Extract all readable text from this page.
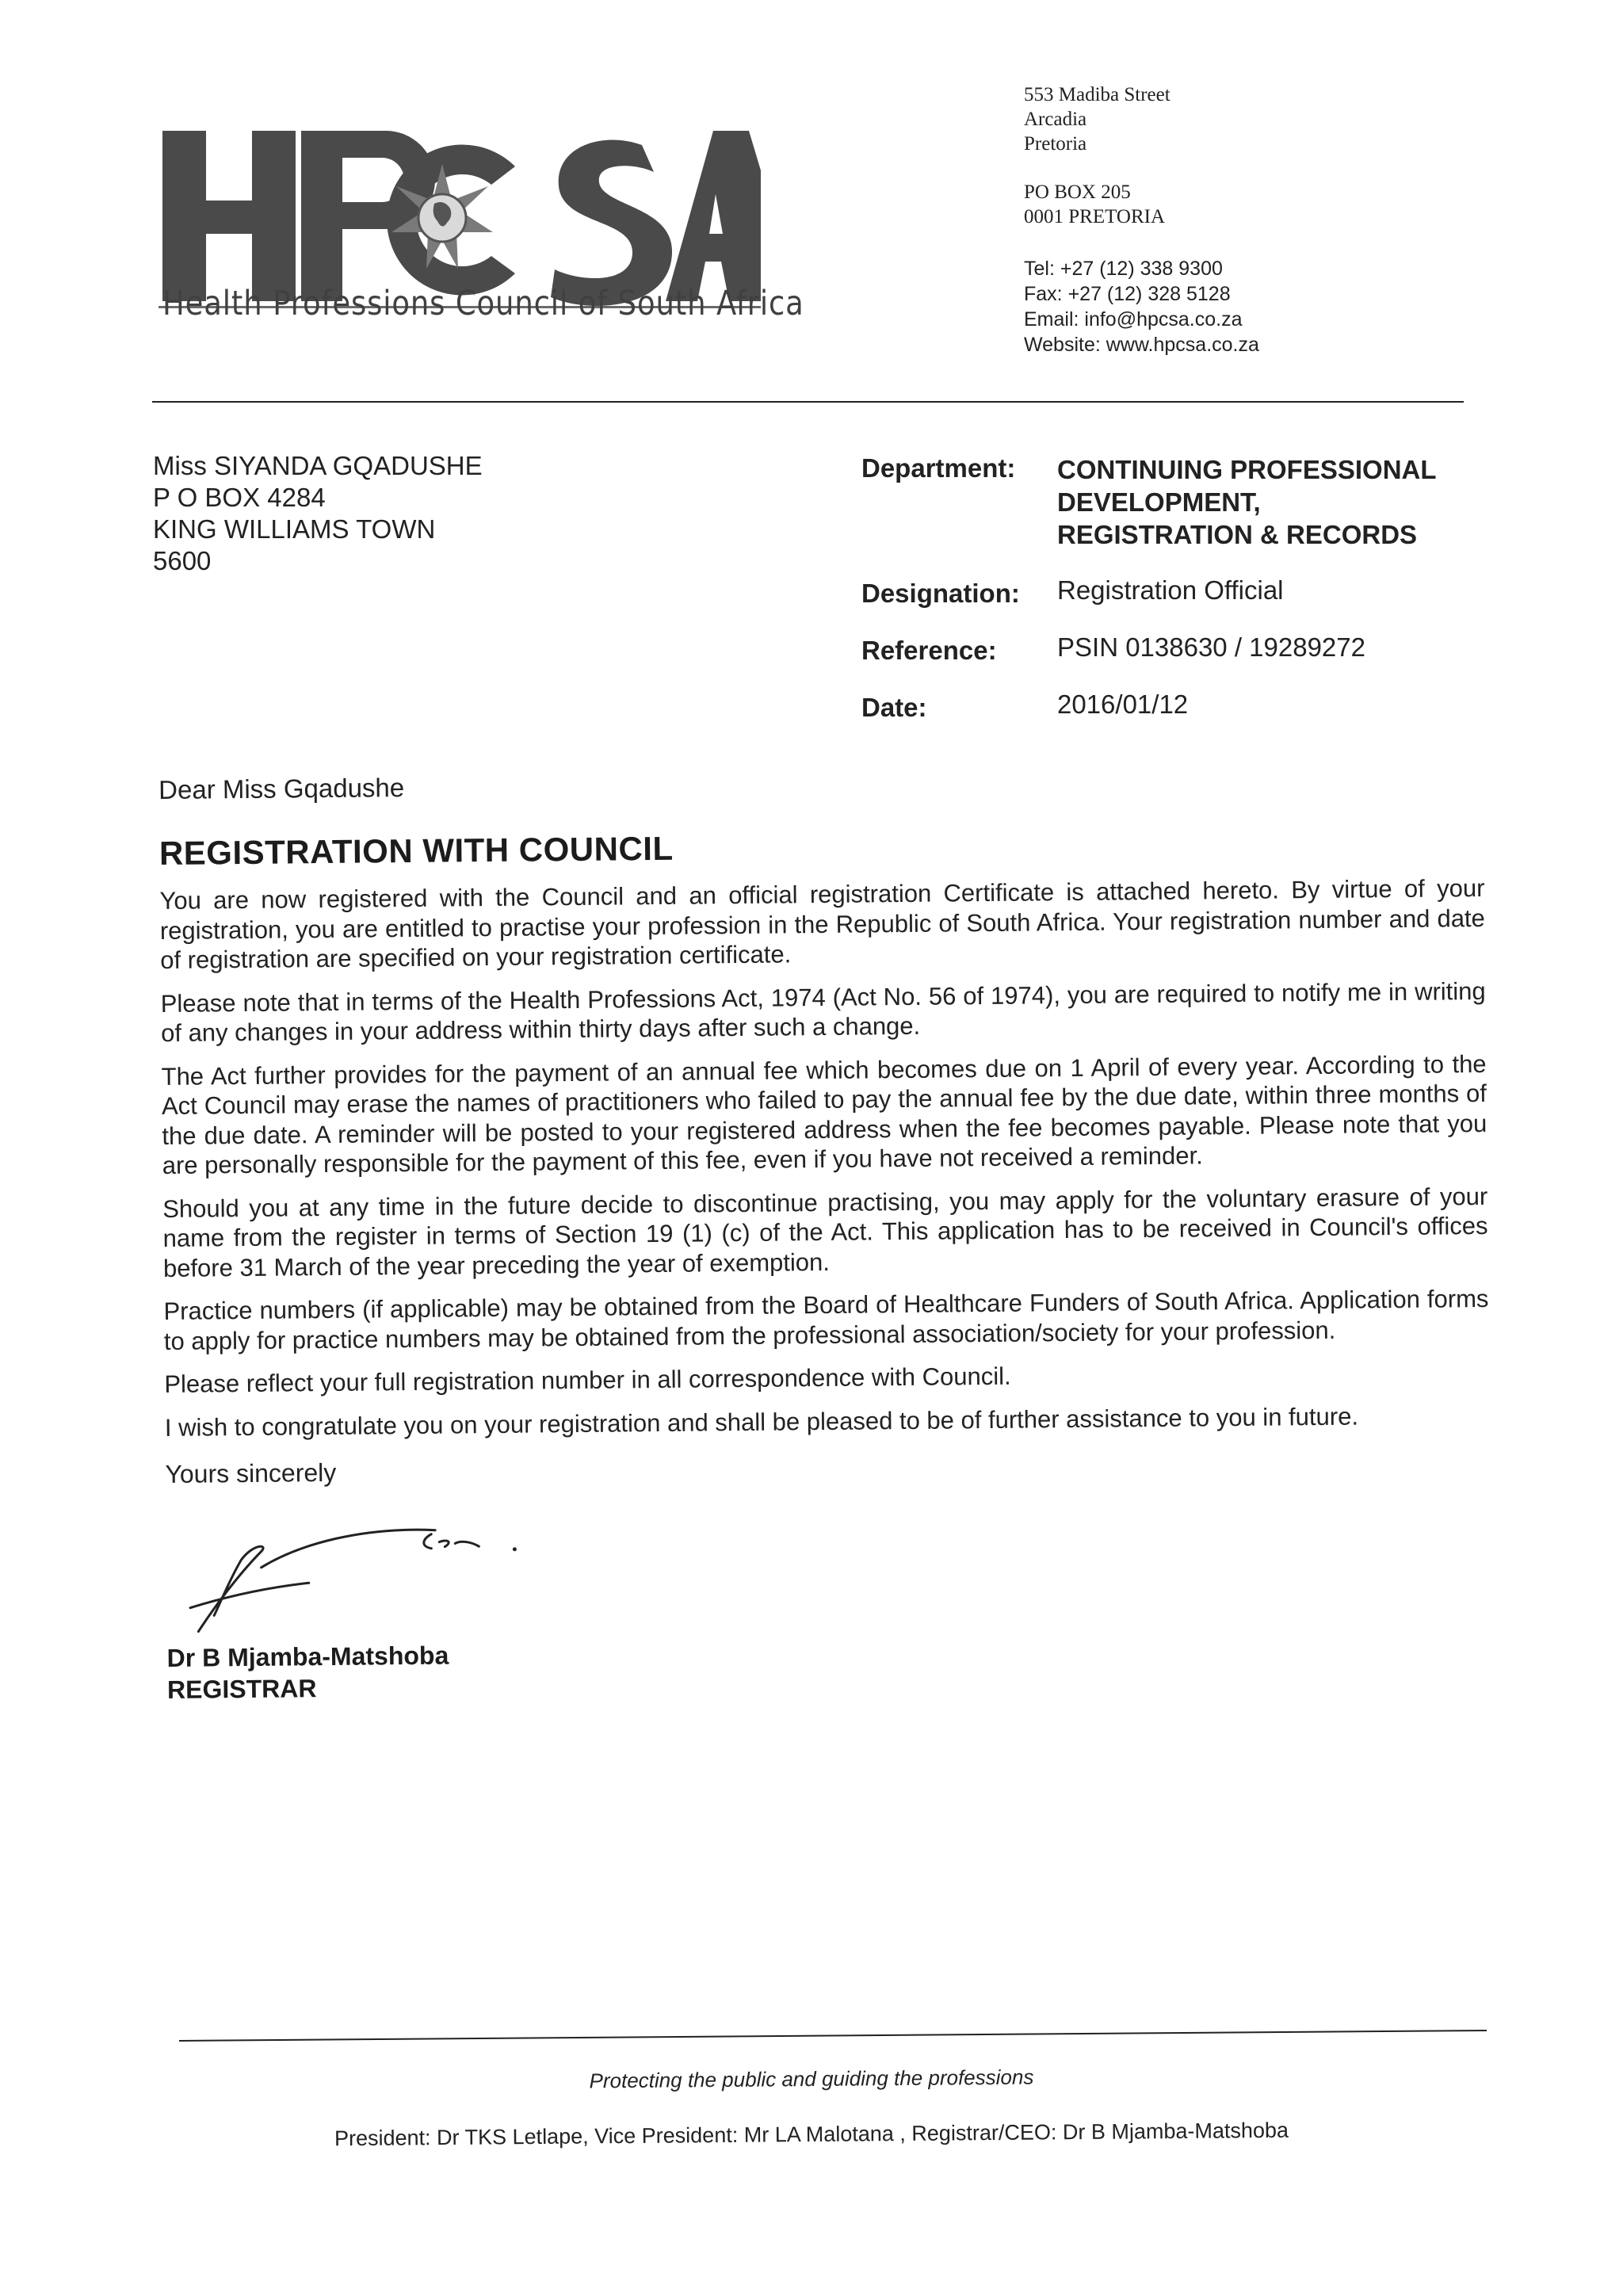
Health Professions Council of South Africa
553 Madiba Street
Arcadia
Pretoria
PO BOX 205
0001 PRETORIA
Tel: +27 (12) 338 9300
Fax: +27 (12) 328 5128
Email: info@hpcsa.co.za
Website: www.hpcsa.co.za
Miss SIYANDA GQADUSHE
P O BOX 4284
KING WILLIAMS TOWN
5600
Department: CONTINUING PROFESSIONAL
DEVELOPMENT,
REGISTRATION & RECORDS
Designation: Registration Official
Reference: PSIN 0138630 / 19289272
Date:	2016/01/12
Dear Miss Gqadushe
REGISTRATION WITH COUNCIL
You are now registered with the Council and an official registration Certificate is attached hereto. By virtue of your registration, you are entitled to practise your profession in the Republic of South Africa. Your registration number and date of registration are specified on your registration certificate.
Please note that in terms of the Health Professions Act, 1974 (Act No. 56 of 1974), you are required to notify me in writing of any changes in your address within thirty days after such a change.
The Act further provides for the payment of an annual fee which becomes due on 1 April of every year. According to the Act Council may erase the names of practitioners who failed to pay the annual fee by the due date, within three months of the due date. A reminder will be posted to your registered address when the fee becomes payable. Please note that you are personally responsible for the payment of this fee, even if you have not received a reminder.
Should you at any time in the future decide to discontinue practising, you may apply for the voluntary erasure of your name from the register in terms of Section 19 (1) (c) of the Act. This application has to be received in Council's offices before 31 March of the year preceding the year of exemption.
Practice numbers (if applicable) may be obtained from the Board of Healthcare Funders of South Africa. Application forms to apply for practice numbers may be obtained from the professional association/society for your profession.
Please reflect your full registration number in all correspondence with Council.
I wish to congratulate you on your registration and shall be pleased to be of further assistance to you in future.
Yours sincerely
Dr B Mjamba-Matshoba
REGISTRAR
Protecting the public and guiding the professions
President: Dr TKS Letlape, Vice President: Mr LA Malotana , Registrar/CEO: Dr B Mjamba-Matshoba
